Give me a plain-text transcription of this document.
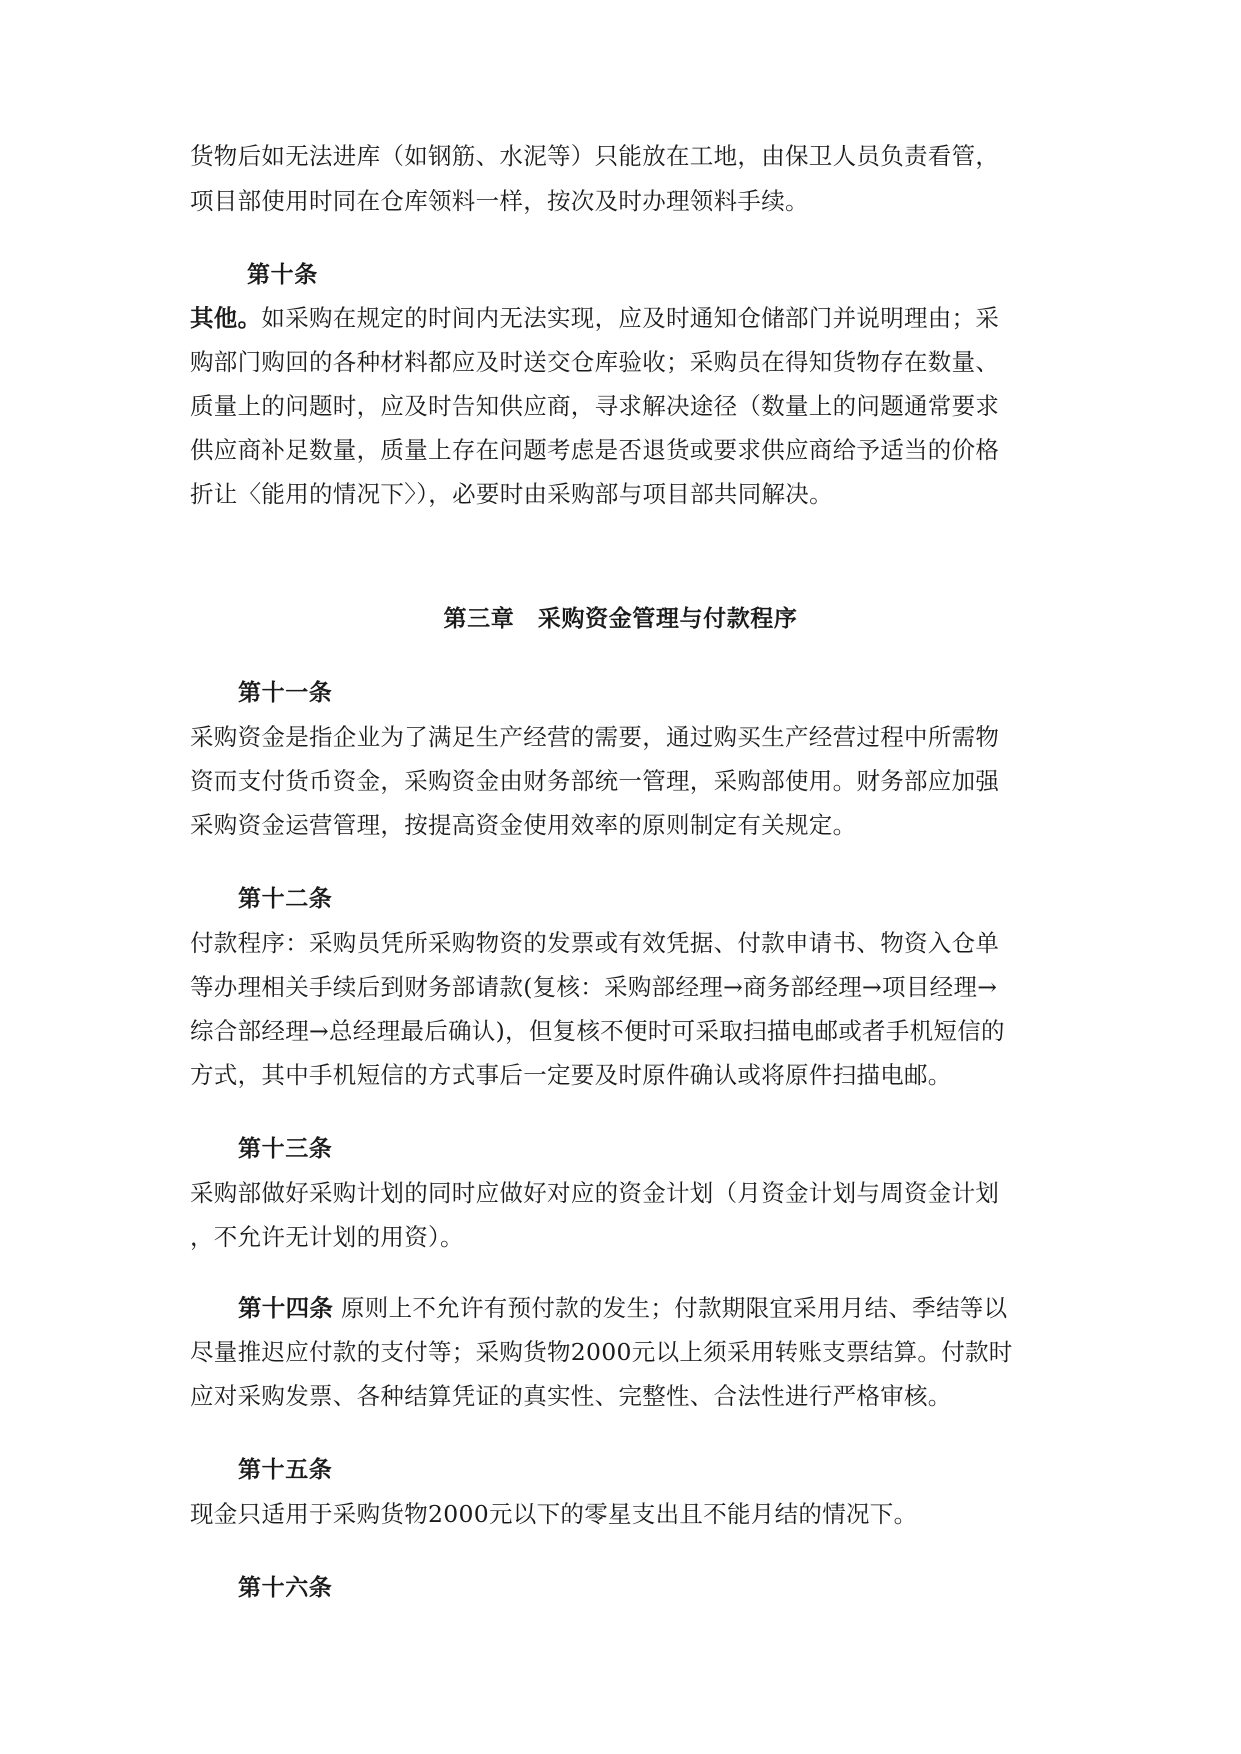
货物后如无法进库（如钢筋、水泥等）只能放在工地，由保卫人员负责看管，
项目部使用时同在仓库领料一样，按次及时办理领料手续。
第十条
其他。如采购在规定的时间内无法实现，应及时通知仓储部门并说明理由；采
购部门购回的各种材料都应及时送交仓库验收；采购员在得知货物存在数量、
质量上的问题时，应及时告知供应商，寻求解决途径（数量上的问题通常要求
供应商补足数量，质量上存在问题考虑是否退货或要求供应商给予适当的价格
折让〈能用的情况下〉），必要时由采购部与项目部共同解决。
第三章　采购资金管理与付款程序
第十一条
采购资金是指企业为了满足生产经营的需要，通过购买生产经营过程中所需物
资而支付货币资金，采购资金由财务部统一管理，采购部使用。财务部应加强
采购资金运营管理，按提高资金使用效率的原则制定有关规定。
第十二条
付款程序：采购员凭所采购物资的发票或有效凭据、付款申请书、物资入仓单
等办理相关手续后到财务部请款(复核：采购部经理→商务部经理→项目经理→
综合部经理→总经理最后确认)，但复核不便时可采取扫描电邮或者手机短信的
方式，其中手机短信的方式事后一定要及时原件确认或将原件扫描电邮。
第十三条
采购部做好采购计划的同时应做好对应的资金计划（月资金计划与周资金计划
，不允许无计划的用资）。
第十四条 原则上不允许有预付款的发生；付款期限宜采用月结、季结等以
尽量推迟应付款的支付等；采购货物2000元以上须采用转账支票结算。付款时
应对采购发票、各种结算凭证的真实性、完整性、合法性进行严格审核。
第十五条
现金只适用于采购货物2000元以下的零星支出且不能月结的情况下。
第十六条
